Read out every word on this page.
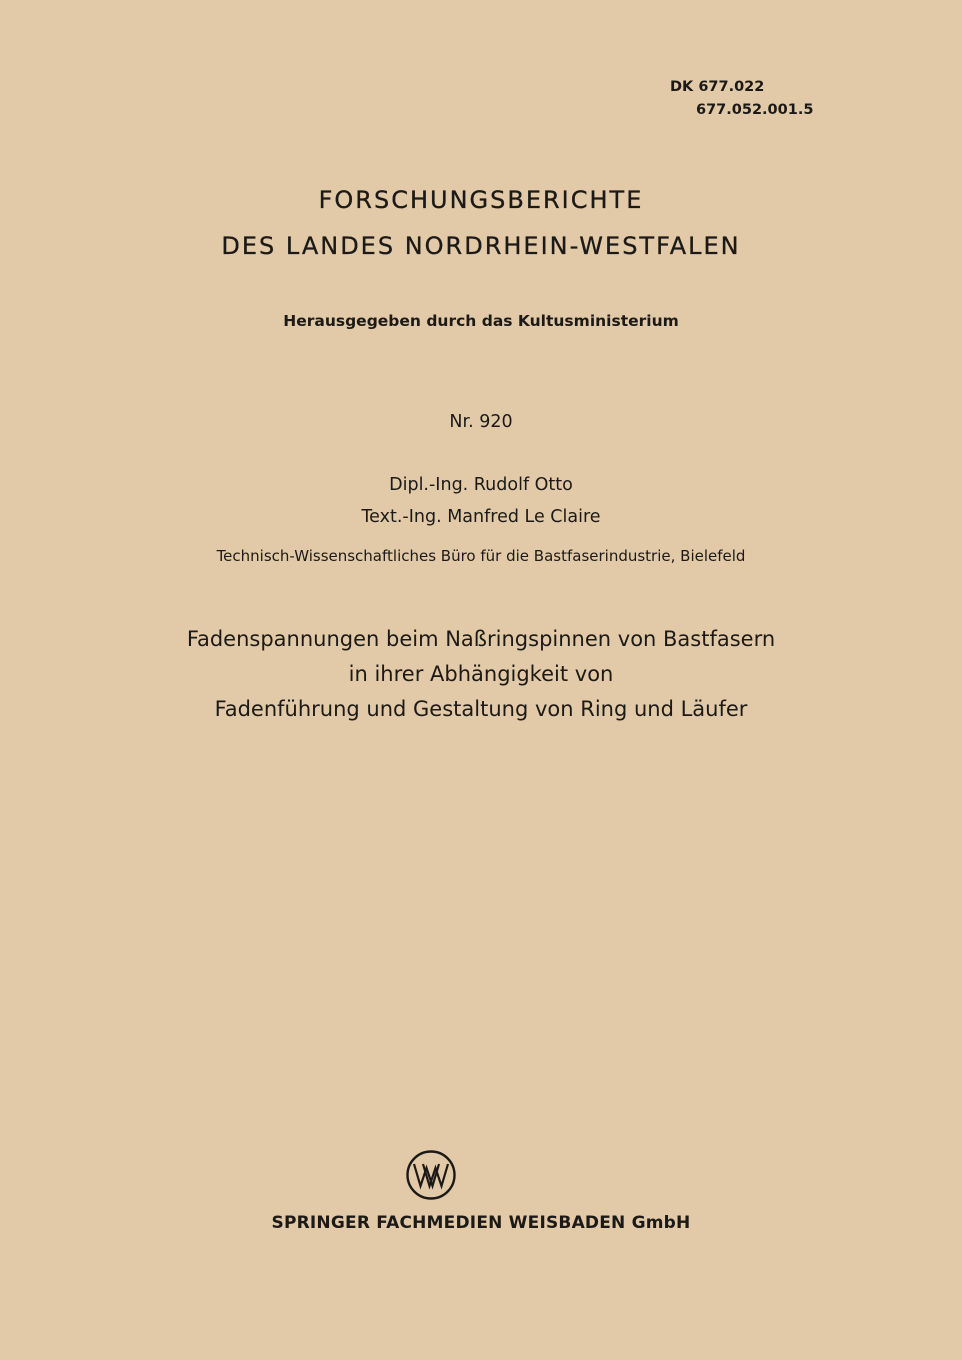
DK 677.022
677.052.001.5
FORSCHUNGSBERICHTE
DES LANDES NORDRHEIN-WESTFALEN
Herausgegeben durch das Kultusministerium
Nr. 920
Dipl.-Ing. Rudolf Otto
Text.-Ing. Manfred Le Claire
Technisch-Wissenschaftliches Büro für die Bastfaserindustrie, Bielefeld
Fadenspannungen beim Naßringspinnen von Bastfasern
in ihrer Abhängigkeit von
Fadenführung und Gestaltung von Ring und Läufer
SPRINGER FACHMEDIEN WEISBADEN GmbH
